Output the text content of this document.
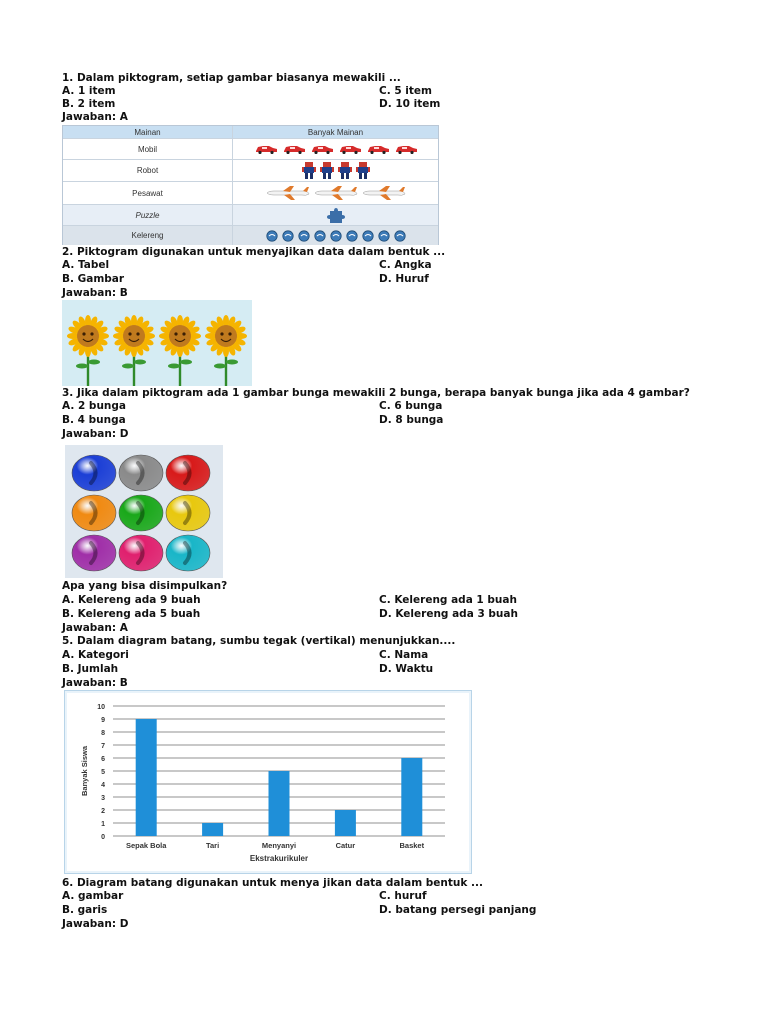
1. Dalam piktogram, setiap gambar biasanya mewakili ...
A. 1 item	C. 5 item
B. 2 item	D. 10 item
Jawaban: A
Mainan	Banyak Mainan
Mobil
Robot
Pesawat
Puzzle
Kelereng
2. Piktogram digunakan untuk menyajikan data dalam bentuk ...
A. Tabel	C. Angka
B. Gambar	D. Huruf
Jawaban: B
3. Jika dalam piktogram ada 1 gambar bunga mewakili 2 bunga, berapa banyak bunga jika ada 4 gambar?
A. 2 bunga	C. 6 bunga
B. 4 bunga	D. 8 bunga
Jawaban: D
Apa yang bisa disimpulkan?
A. Kelereng ada 9 buah	C. Kelereng ada 1 buah
B. Kelereng ada 5 buah	D. Kelereng ada 3 buah
Jawaban: A
5. Dalam diagram batang, sumbu tegak (vertikal) menunjukkan....
A. Kategori	C. Nama
B. Jumlah	D. Waktu
Jawaban: B
0
1
2
3
4
5
6
7
8
9
10
Sepak Bola	Tari	Menyanyi	Catur	Basket
Ekstrakurikuler
Banyak Siswa
6. Diagram batang digunakan untuk menya jikan data dalam bentuk ...
A. gambar	C. huruf
B. garis	D. batang persegi panjang
Jawaban: D
